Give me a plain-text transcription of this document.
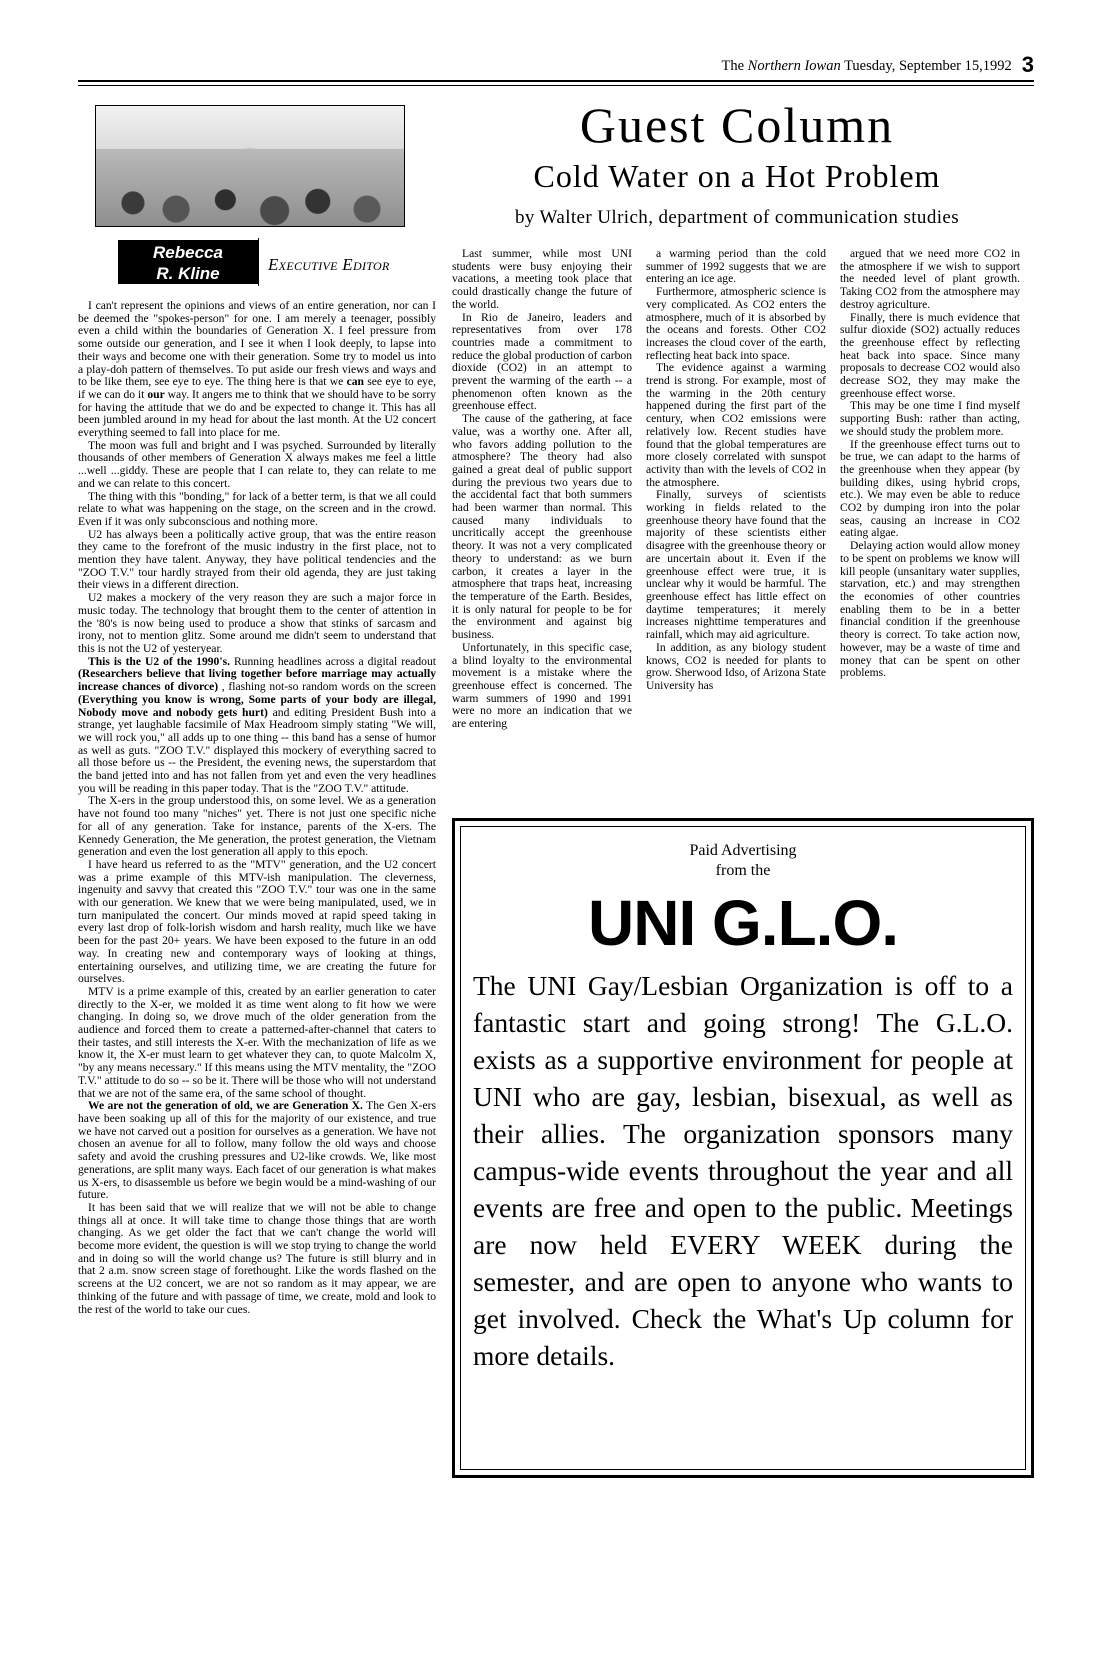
The Northern Iowan Tuesday, September 15,1992 3
Guest Column
Cold Water on a Hot Problem
by Walter Ulrich, department of communication studies
Rebecca
R. Kline	Executive Editor

I can't represent the opinions and views of an entire generation, nor can I be deemed the "spokes-person" for one. I am merely a teenager, possibly even a child within the boundaries of Generation X. I feel pressure from some outside our generation, and I see it when I look deeply, to lapse into their ways and become one with their generation. Some try to model us into a play-doh pattern of themselves. To put aside our fresh views and ways and to be like them, see eye to eye. The thing here is that we can see eye to eye, if we can do it our way. It angers me to think that we should have to be sorry for having the attitude that we do and be expected to change it. This has all been jumbled around in my head for about the last month. At the U2 concert everything seemed to fall into place for me.

The moon was full and bright and I was psyched. Surrounded by literally thousands of other members of Generation X always makes me feel a little ...well ...giddy. These are people that I can relate to, they can relate to me and we can relate to this concert.

The thing with this "bonding," for lack of a better term, is that we all could relate to what was happening on the stage, on the screen and in the crowd. Even if it was only subconscious and nothing more.

U2 has always been a politically active group, that was the entire reason they came to the forefront of the music industry in the first place, not to mention they have talent. Anyway, they have political tendencies and the "ZOO T.V." tour hardly strayed from their old agenda, they are just taking their views in a different direction.

U2 makes a mockery of the very reason they are such a major force in music today. The technology that brought them to the center of attention in the '80's is now being used to produce a show that stinks of sarcasm and irony, not to mention glitz. Some around me didn't seem to understand that this is not the U2 of yesteryear.

This is the U2 of the 1990's. Running headlines across a digital readout (Researchers believe that living together before marriage may actually increase chances of divorce) , flashing not-so random words on the screen (Everything you know is wrong, Some parts of your body are illegal, Nobody move and nobody gets hurt) and editing President Bush into a strange, yet laughable facsimile of Max Headroom simply stating "We will, we will rock you," all adds up to one thing -- this band has a sense of humor as well as guts. "ZOO T.V." displayed this mockery of everything sacred to all those before us -- the President, the evening news, the superstardom that the band jetted into and has not fallen from yet and even the very headlines you will be reading in this paper today. That is the "ZOO T.V." attitude.

The X-ers in the group understood this, on some level. We as a generation have not found too many "niches" yet. There is not just one specific niche for all of any generation. Take for instance, parents of the X-ers. The Kennedy Generation, the Me generation, the protest generation, the Vietnam generation and even the lost generation all apply to this epoch.

I have heard us referred to as the "MTV" generation, and the U2 concert was a prime example of this MTV-ish manipulation. The cleverness, ingenuity and savvy that created this "ZOO T.V." tour was one in the same with our generation. We knew that we were being manipulated, used, we in turn manipulated the concert. Our minds moved at rapid speed taking in every last drop of folk-lorish wisdom and harsh reality, much like we have been for the past 20+ years. We have been exposed to the future in an odd way. In creating new and contemporary ways of looking at things, entertaining ourselves, and utilizing time, we are creating the future for ourselves.

MTV is a prime example of this, created by an earlier generation to cater directly to the X-er, we molded it as time went along to fit how we were changing. In doing so, we drove much of the older generation from the audience and forced them to create a patterned-after-channel that caters to their tastes, and still interests the X-er. With the mechanization of life as we know it, the X-er must learn to get whatever they can, to quote Malcolm X, "by any means necessary." If this means using the MTV mentality, the "ZOO T.V." attitude to do so -- so be it. There will be those who will not understand that we are not of the same era, of the same school of thought.

We are not the generation of old, we are Generation X. The Gen X-ers have been soaking up all of this for the majority of our existence, and true we have not carved out a position for ourselves as a generation. We have not chosen an avenue for all to follow, many follow the old ways and choose safety and avoid the crushing pressures and U2-like crowds. We, like most generations, are split many ways. Each facet of our generation is what makes us X-ers, to disassemble us before we begin would be a mind-washing of our future.

It has been said that we will realize that we will not be able to change things all at once. It will take time to change those things that are worth changing. As we get older the fact that we can't change the world will become more evident, the question is will we stop trying to change the world and in doing so will the world change us? The future is still blurry and in that 2 a.m. snow screen stage of forethought. Like the words flashed on the screens at the U2 concert, we are not so random as it may appear, we are thinking of the future and with passage of time, we create, mold and look to the rest of the world to take our cues.

Last summer, while most UNI students were busy enjoying their vacations, a meeting took place that could drastically change the future of the world.

In Rio de Janeiro, leaders and representatives from over 178 countries made a commitment to reduce the global production of carbon dioxide (CO2) in an attempt to prevent the warming of the earth -- a phenomenon often known as the greenhouse effect.

The cause of the gathering, at face value, was a worthy one. After all, who favors adding pollution to the atmosphere? The theory had also gained a great deal of public support during the previous two years due to the accidental fact that both summers had been warmer than normal. This caused many individuals to uncritically accept the greenhouse theory. It was not a very complicated theory to understand: as we burn carbon, it creates a layer in the atmosphere that traps heat, increasing the temperature of the Earth. Besides, it is only natural for people to be for the environment and against big business.

Unfortunately, in this specific case, a blind loyalty to the environmental movement is a mistake where the greenhouse effect is concerned. The warm summers of 1990 and 1991 were no more an indication that we are entering

a warming period than the cold summer of 1992 suggests that we are entering an ice age.

Furthermore, atmospheric science is very complicated. As CO2 enters the atmosphere, much of it is absorbed by the oceans and forests. Other CO2 increases the cloud cover of the earth, reflecting heat back into space.

The evidence against a warming trend is strong. For example, most of the warming in the 20th century happened during the first part of the century, when CO2 emissions were relatively low. Recent studies have found that the global temperatures are more closely correlated with sunspot activity than with the levels of CO2 in the atmosphere.

Finally, surveys of scientists working in fields related to the greenhouse theory have found that the majority of these scientists either disagree with the greenhouse theory or are uncertain about it. Even if the greenhouse effect were true, it is unclear why it would be harmful. The greenhouse effect has little effect on daytime temperatures; it merely increases nighttime temperatures and rainfall, which may aid agriculture.

In addition, as any biology student knows, CO2 is needed for plants to grow. Sherwood Idso, of Arizona State University has

argued that we need more CO2 in the atmosphere if we wish to support the needed level of plant growth. Taking CO2 from the atmosphere may destroy agriculture.

Finally, there is much evidence that sulfur dioxide (SO2) actually reduces the greenhouse effect by reflecting heat back into space. Since many proposals to decrease CO2 would also decrease SO2, they may make the greenhouse effect worse.

This may be one time I find myself supporting Bush: rather than acting, we should study the problem more.

If the greenhouse effect turns out to be true, we can adapt to the harms of the greenhouse when they appear (by building dikes, using hybrid crops, etc.). We may even be able to reduce CO2 by dumping iron into the polar seas, causing an increase in CO2 eating algae.

Delaying action would allow money to be spent on problems we know will kill people (unsanitary water supplies, starvation, etc.) and may strengthen the economies of other countries enabling them to be in a better financial condition if the greenhouse theory is correct. To take action now, however, may be a waste of time and money that can be spent on other problems.

Paid Advertising
from the
UNI G.L.O.
The UNI Gay/Lesbian Organization is off to a fantastic start and going strong! The G.L.O. exists as a supportive environment for people at UNI who are gay, lesbian, bisexual, as well as their allies. The organization sponsors many campus-wide events throughout the year and all events are free and open to the public. Meetings are now held EVERY WEEK during the semester, and are open to anyone who wants to get involved. Check the What's Up column for more details.
